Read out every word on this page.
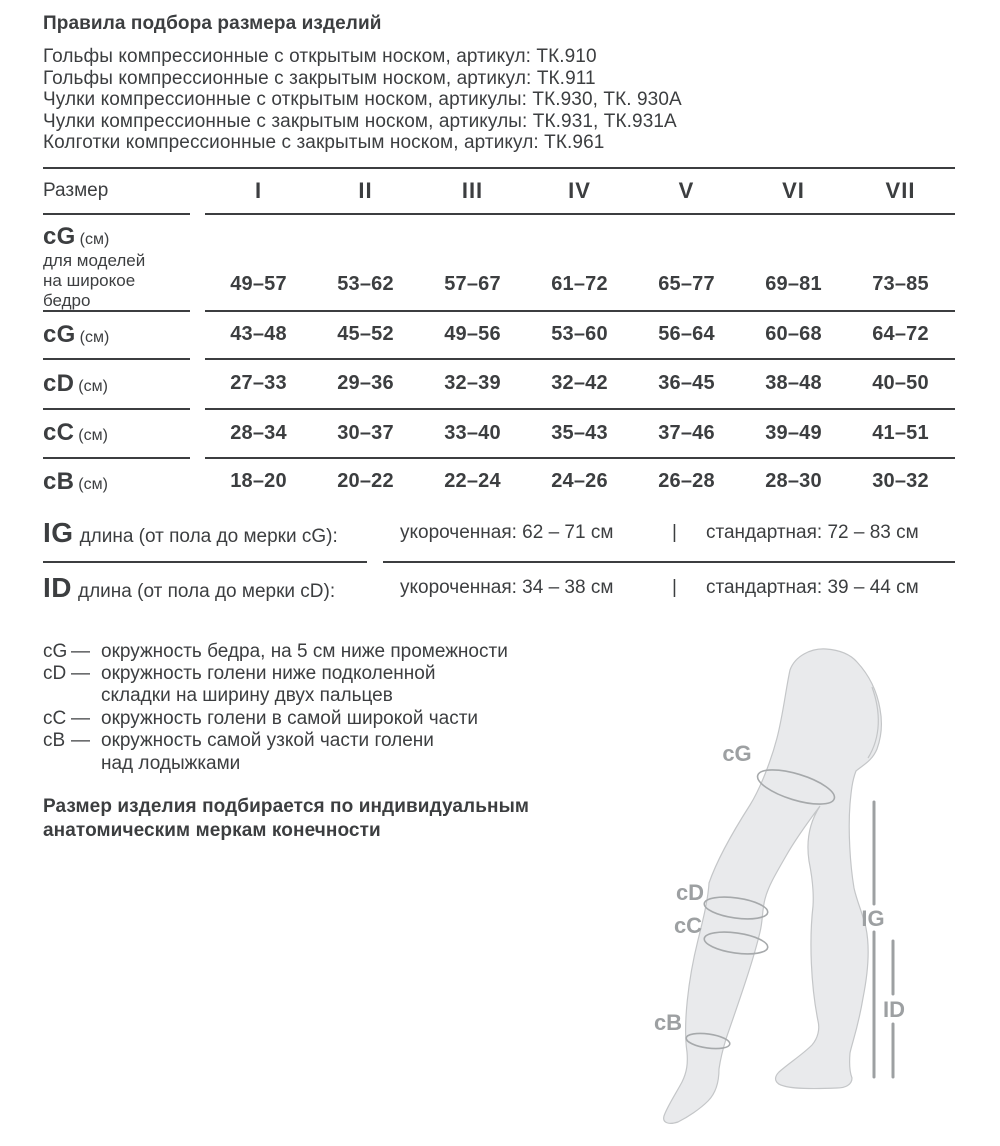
Правила подбора размера изделий
Гольфы компрессионные с открытым носком, артикул: ТК.910
Гольфы компрессионные с закрытым носком, артикул: ТК.911
Чулки компрессионные с открытым носком, артикулы: ТК.930, ТК. 930А
Чулки компрессионные с закрытым носком, артикулы: ТК.931, ТК.931А
Колготки компрессионные с закрытым носком, артикул: ТК.961
Размер	I	II	III	IV	V	VI	VII
cG (см)
для моделей
на широкое
бедро
49–57	53–62	57–67	61–72	65–77	69–81	73–85
cG (см)	43–48	45–52	49–56	53–60	56–64	60–68	64–72
cD (см)	27–33	29–36	32–39	32–42	36–45	38–48	40–50
cC (см)	28–34	30–37	33–40	35–43	37–46	39–49	41–51
cB (см)	18–20	20–22	22–24	24–26	26–28	28–30	30–32
IG длина (от пола до мерки cG):	укороченная: 62 – 71 см	|	стандартная: 72 – 83 см
ID длина (от пола до мерки cD):	укороченная: 34 – 38 см	|	стандартная: 39 – 44 см
cG — окружность бедра, на 5 см ниже промежности
cD — окружность голени ниже подколенной
складки на ширину двух пальцев
cC — окружность голени в самой широкой части
cB — окружность самой узкой части голени
над лодыжками
Размер изделия подбирается по индивидуальным
анатомическим меркам конечности
cG
cD
cC
cB
IG
ID
